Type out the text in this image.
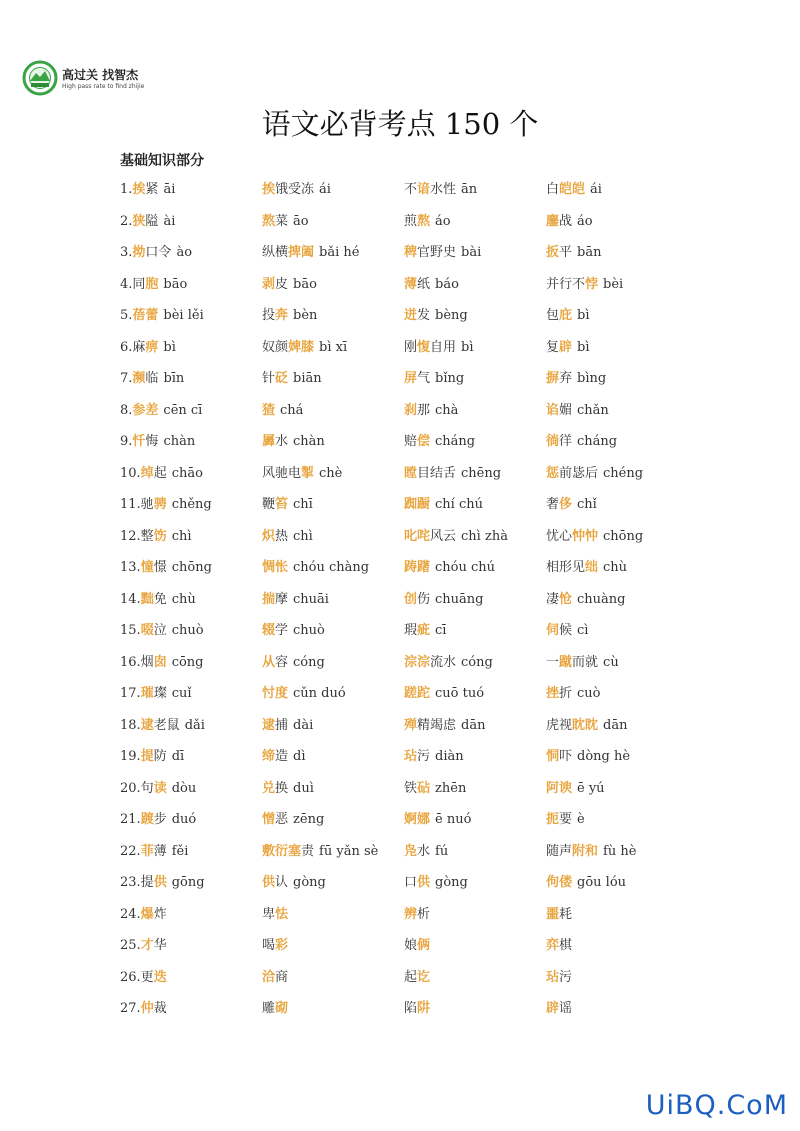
高过关 找智杰
High pass rate to find zhijie
语文必背考点 150 个
基础知识部分
1.挨紧 āi	挨饿受冻 ái	不谙水性 ān	白皑皑 ái
2.狭隘 ài	熬菜 āo	煎熬 áo	鏖战 áo
3.拗口令 ào	纵横捭阖 bǎi hé	稗官野史 bài	扳平 bān
4.同胞 bāo	剥皮 bāo	薄纸 báo	并行不悖 bèi
5.蓓蕾 bèi lěi	投奔 bèn	迸发 bèng	包庇 bì
6.麻痹 bì	奴颜婢膝 bì xī	刚愎自用 bì	复辟 bì
7.濒临 bīn	针砭 biān	屏气 bǐng	摒弃 bìng
8.参差 cēn cī	猹 chá	刹那 chà	谄媚 chǎn
9.忏悔 chàn	羼水 chàn	赔偿 cháng	徜徉 cháng
10.绰起 chāo	风驰电掣 chè	瞠目结舌 chēng	惩前毖后 chéng
11.驰骋 chěng	鞭笞 chī	踟蹰 chí chú	奢侈 chǐ
12.整饬 chì	炽热 chì	叱咤风云 chì zhà	忧心忡忡 chōng
13.憧憬 chōng	惆怅 chóu chàng	踌躇 chóu chú	相形见绌 chù
14.黜免 chù	揣摩 chuāi	创伤 chuāng	凄怆 chuàng
15.啜泣 chuò	辍学 chuò	瑕疵 cī	伺候 cì
16.烟囱 cōng	从容 cóng	淙淙流水 cóng	一蹴而就 cù
17.璀璨 cuǐ	忖度 cǔn duó	蹉跎 cuō tuó	挫折 cuò
18.逮老鼠 dǎi	逮捕 dài	殚精竭虑 dān	虎视眈眈 dān
19.提防 dī	缔造 dì	玷污 diàn	恫吓 dòng hè
20.句读 dòu	兑换 duì	铁砧 zhēn	阿谀 ē yú
21.踱步 duó	憎恶 zēng	婀娜 ē nuó	扼要 è
22.菲薄 fěi	敷衍塞责 fū yǎn sè	凫水 fú	随声附和 fù hè
23.提供 gōng	供认 gòng	口供 gòng	佝偻 gōu lóu
24.爆炸	卑怯	辨析	噩耗
25.才华	喝彩	娘俩	弈棋
26.更迭	洽商	起讫	玷污
27.仲裁	雕砌	陷阱	辟谣
UiBQ.CoM
